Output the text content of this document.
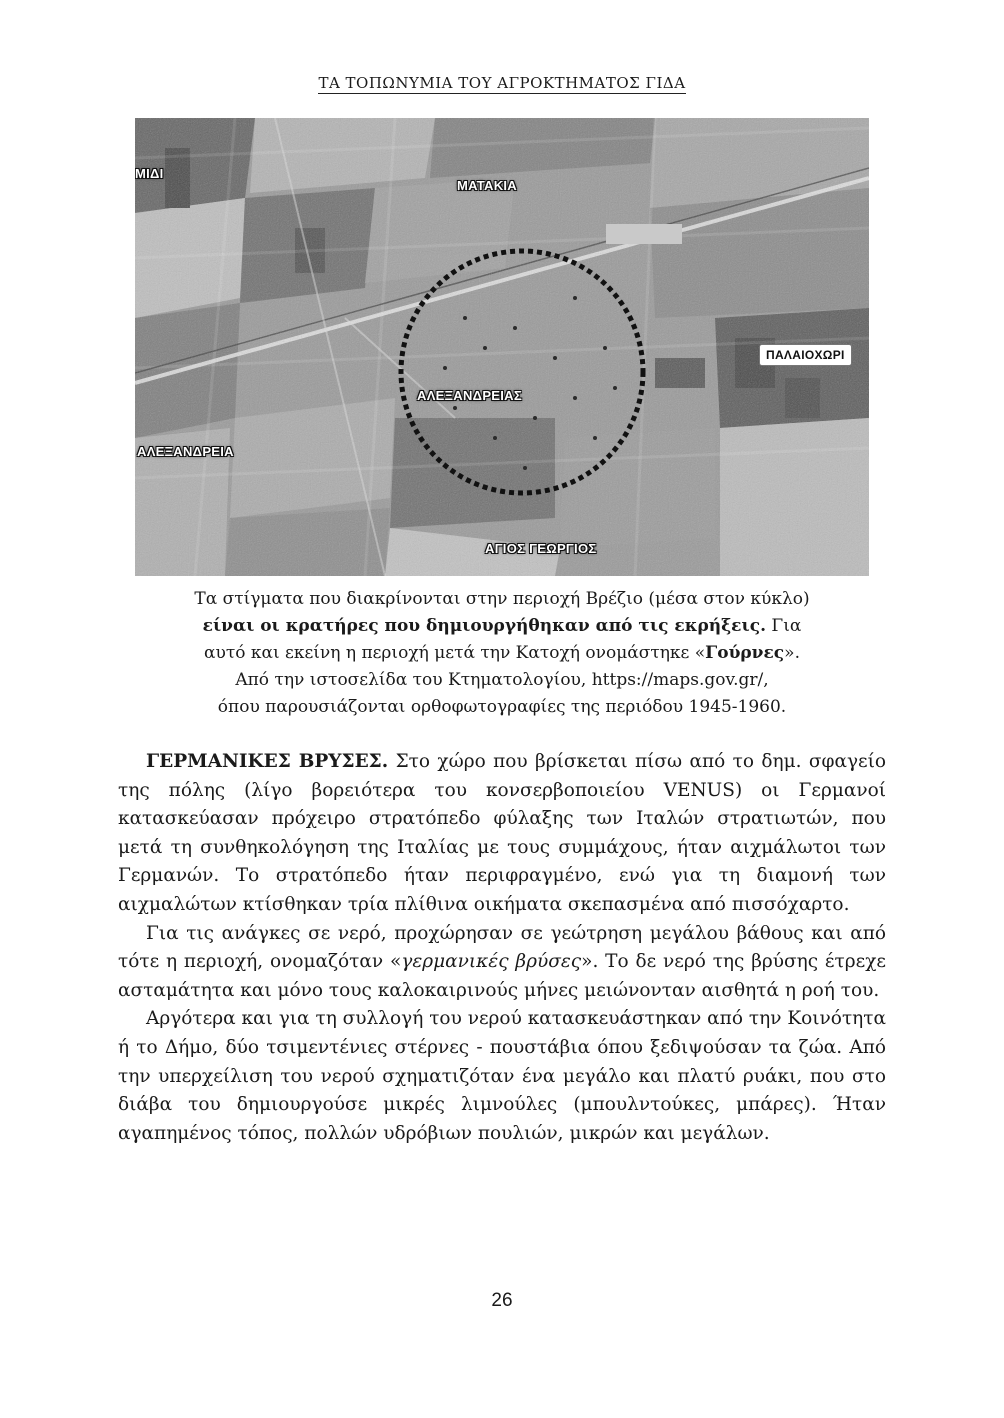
ΤΑ ΤΟΠΩΝΥΜΙΑ ΤΟΥ ΑΓΡΟΚΤΗΜΑΤΟΣ ΓΙΔΑ
ΜΙΔΙ
ΜΑΤΑΚΙΑ
ΠΑΛΑΙΟΧΩΡΙ
ΑΛΕΞΑΝΔΡΕΙΑΣ
ΑΛΕΞΑΝΔΡΕΙΑ
ΑΓΙΟΣ ΓΕΩΡΓΙΟΣ

Τα στίγματα που διακρίνονται στην περιοχή Βρέζιο (μέσα στον κύκλο)

είναι οι κρατήρες που δημιουργήθηκαν από τις εκρήξεις. Για

αυτό και εκείνη η περιοχή μετά την Κατοχή ονομάστηκε «Γούρνες».

Από την ιστοσελίδα του Κτηματολογίου, https://maps.gov.gr/,

όπου παρουσιάζονται ορθοφωτογραφίες της περιόδου 1945-1960.

ΓΕΡΜΑΝΙΚΕΣ ΒΡΥΣΕΣ. Στο χώρο που βρίσκεται πίσω από το δημ. σφαγείο της πόλης (λίγο βορειότερα του κονσερβοποιείου VENUS) οι Γερμανοί κατασκεύασαν πρόχειρο στρατόπεδο φύλαξης των Ιταλών στρατιωτών, που μετά τη συνθηκολόγηση της Ιταλίας με τους συμμάχους, ήταν αιχμάλωτοι των Γερμανών. Το στρατόπεδο ήταν περιφραγμένο, ενώ για τη διαμονή των αιχμαλώτων κτίσθηκαν τρία πλίθινα οικήματα σκεπασμένα από πισσόχαρτο.

Για τις ανάγκες σε νερό, προχώρησαν σε γεώτρηση μεγάλου βάθους και από τότε η περιοχή, ονομαζόταν «γερμανικές βρύσες». Το δε νερό της βρύσης έτρεχε ασταμάτητα και μόνο τους καλοκαιρινούς μήνες μειώνονταν αισθητά η ροή του.

Αργότερα και για τη συλλογή του νερού κατασκευάστηκαν από την Κοινότητα ή το Δήμο, δύο τσιμεντένιες στέρνες - πουστάβια όπου ξεδιψούσαν τα ζώα. Από την υπερχείλιση του νερού σχηματιζόταν ένα μεγάλο και πλατύ ρυάκι, που στο διάβα του δημιουργούσε μικρές λιμνούλες (μπουλντούκες, μπάρες). Ήταν αγαπημένος τόπος, πολλών υδρόβιων πουλιών, μικρών και μεγάλων.

26
